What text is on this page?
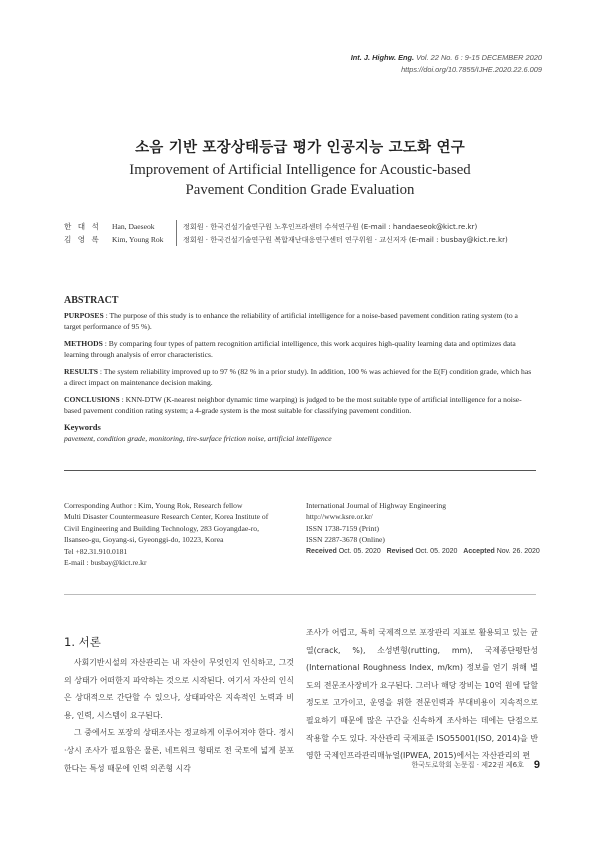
Int. J. Highw. Eng. Vol. 22 No. 6 : 9-15 DECEMBER 2020
https://doi.org/10.7855/IJHE.2020.22.6.009
소음 기반 포장상태등급 평가 인공지능 고도화 연구
Improvement of Artificial Intelligence for Acoustic-based
Pavement Condition Grade Evaluation
한 대 석	Han, Daeseok	정회원 · 한국건설기술연구원 노후인프라센터 수석연구원 (E-mail : handaeseok@kict.re.kr)
김 영 록	Kim, Young Rok	정회원 · 한국건설기술연구원 복합재난대응연구센터 연구위원 · 교신저자 (E-mail : busbay@kict.re.kr)
ABSTRACT

PURPOSES : The purpose of this study is to enhance the reliability of artificial intelligence for a noise-based pavement condition rating system (to a target performance of 95 %).

METHODS : By comparing four types of pattern recognition artificial intelligence, this work acquires high-quality learning data and optimizes data learning through analysis of error characteristics.

RESULTS : The system reliability improved up to 97 % (82 % in a prior study). In addition, 100 % was achieved for the E(F) condition grade, which has a direct impact on maintenance decision making.

CONCLUSIONS : KNN-DTW (K-nearest neighbor dynamic time warping) is judged to be the most suitable type of artificial intelligence for a noise-based pavement condition rating system; a 4-grade system is the most suitable for classifying pavement condition.

Keywords
pavement, condition grade, monitoring, tire-surface friction noise, artificial intelligence
Corresponding Author : Kim, Young Rok, Research fellow
Multi Disaster Countermeasure Research Center, Korea Institute of
Civil Engineering and Building Technology, 283 Goyangdae-ro,
Ilsanseo-gu, Goyang-si, Gyeonggi-do, 10223, Korea
Tel +82.31.910.0181
E-mail : busbay@kict.re.kr
International Journal of Highway Engineering
http://www.ksre.or.kr/
ISSN 1738-7159 (Print)
ISSN 2287-3678 (Online)
Received Oct. 05. 2020 Revised Oct. 05. 2020 Accepted Nov. 26. 2020
1. 서론

사회기반시설의 자산관리는 내 자산이 무엇인지 인식하고, 그것의 상태가 어떠한지 파악하는 것으로 시작된다. 여기서 자산의 인식은 상대적으로 간단할 수 있으나, 상태파악은 지속적인 노력과 비용, 인력, 시스템이 요구된다.

그 중에서도 포장의 상태조사는 정교하게 이루어져야 한다. 정시·상시 조사가 필요함은 물론, 네트워크 형태로 전 국토에 넓게 분포한다는 특성 때문에 인력 의존형 시각

조사가 어렵고, 특히 국제적으로 포장관리 지표로 활용되고 있는 균열(crack, %), 소성변형(rutting, mm), 국제종단평탄성(International Roughness Index, m/km) 정보를 얻기 위해 별도의 전문조사장비가 요구된다. 그러나 해당 장비는 10억 원에 달할 정도로 고가이고, 운영을 위한 전문인력과 부대비용이 지속적으로 필요하기 때문에 많은 구간을 신속하게 조사하는 데에는 단점으로 작용할 수도 있다. 자산관리 국제표준 ISO55001(ISO, 2014)을 반영한 국제인프라관리매뉴얼(IPWEA, 2015)에서는 자산관리의 편

한국도로학회 논문집 · 제22권 제6호 9
